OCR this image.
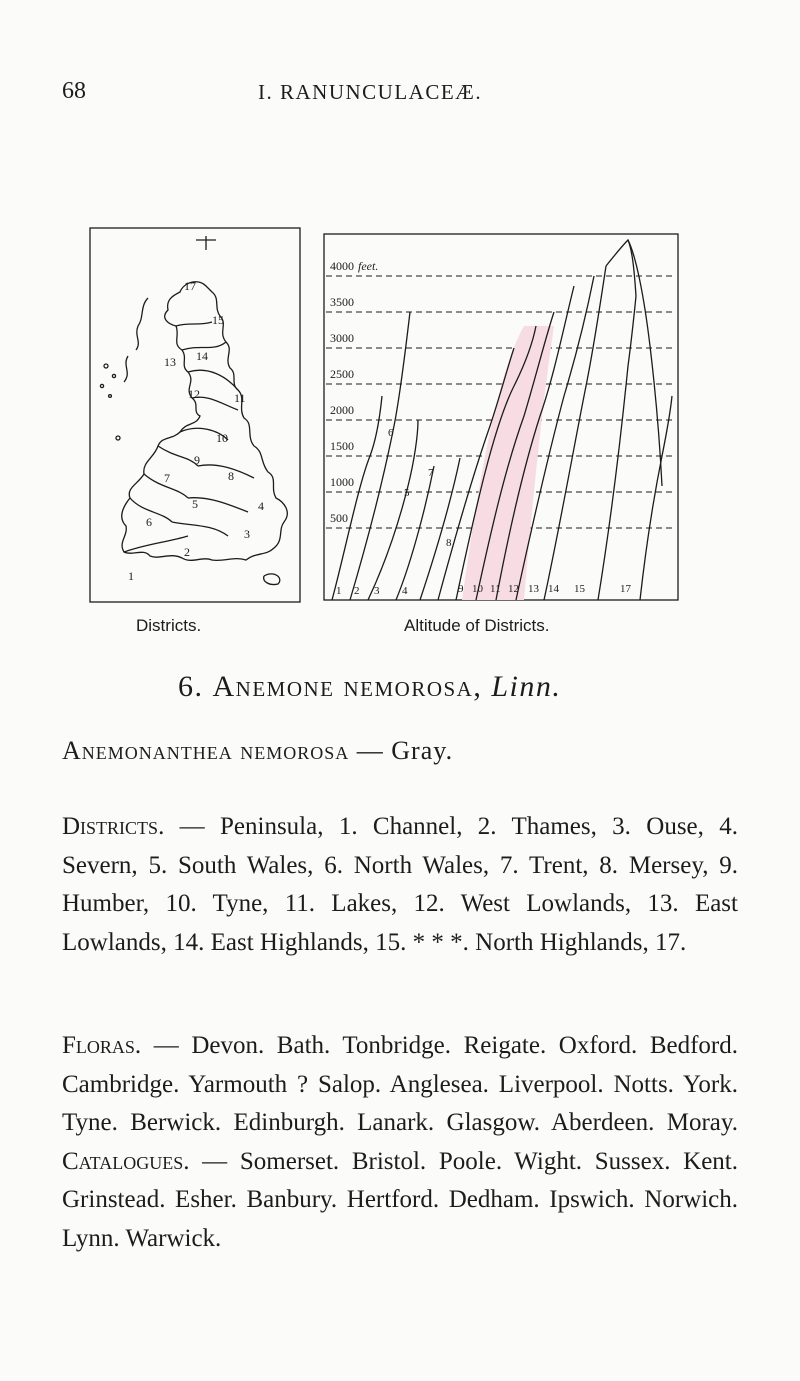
68	I. RANUNCULACEÆ.
1
2
3
4
5
6
7	8
9
10
11
12
13 14
15
17
4000 feet.
3500
3000
2500
2000
1500
1000
500
1 2 3 4
5
6
7
8
9 10 11 12 13 14 15	17
Districts.	Altitude of Districts.
6. Anemone nemorosa, Linn.
Anemonanthea nemorosa — Gray.
Districts. — Peninsula, 1. Channel, 2. Thames, 3. Ouse, 4. Severn, 5. South Wales, 6. North Wales, 7. Trent, 8. Mersey, 9. Humber, 10. Tyne, 11. Lakes, 12. West Lowlands, 13. East Lowlands, 14. East Highlands, 15. * * *. North Highlands, 17.
Floras. — Devon. Bath. Tonbridge. Reigate. Oxford. Bedford. Cambridge. Yarmouth ? Salop. Anglesea. Liverpool. Notts. York. Tyne. Berwick. Edinburgh. Lanark. Glasgow. Aberdeen. Moray. Catalogues. — Somerset. Bristol. Poole. Wight. Sussex. Kent. Grinstead. Esher. Banbury. Hertford. Dedham. Ipswich. Norwich. Lynn. Warwick.
